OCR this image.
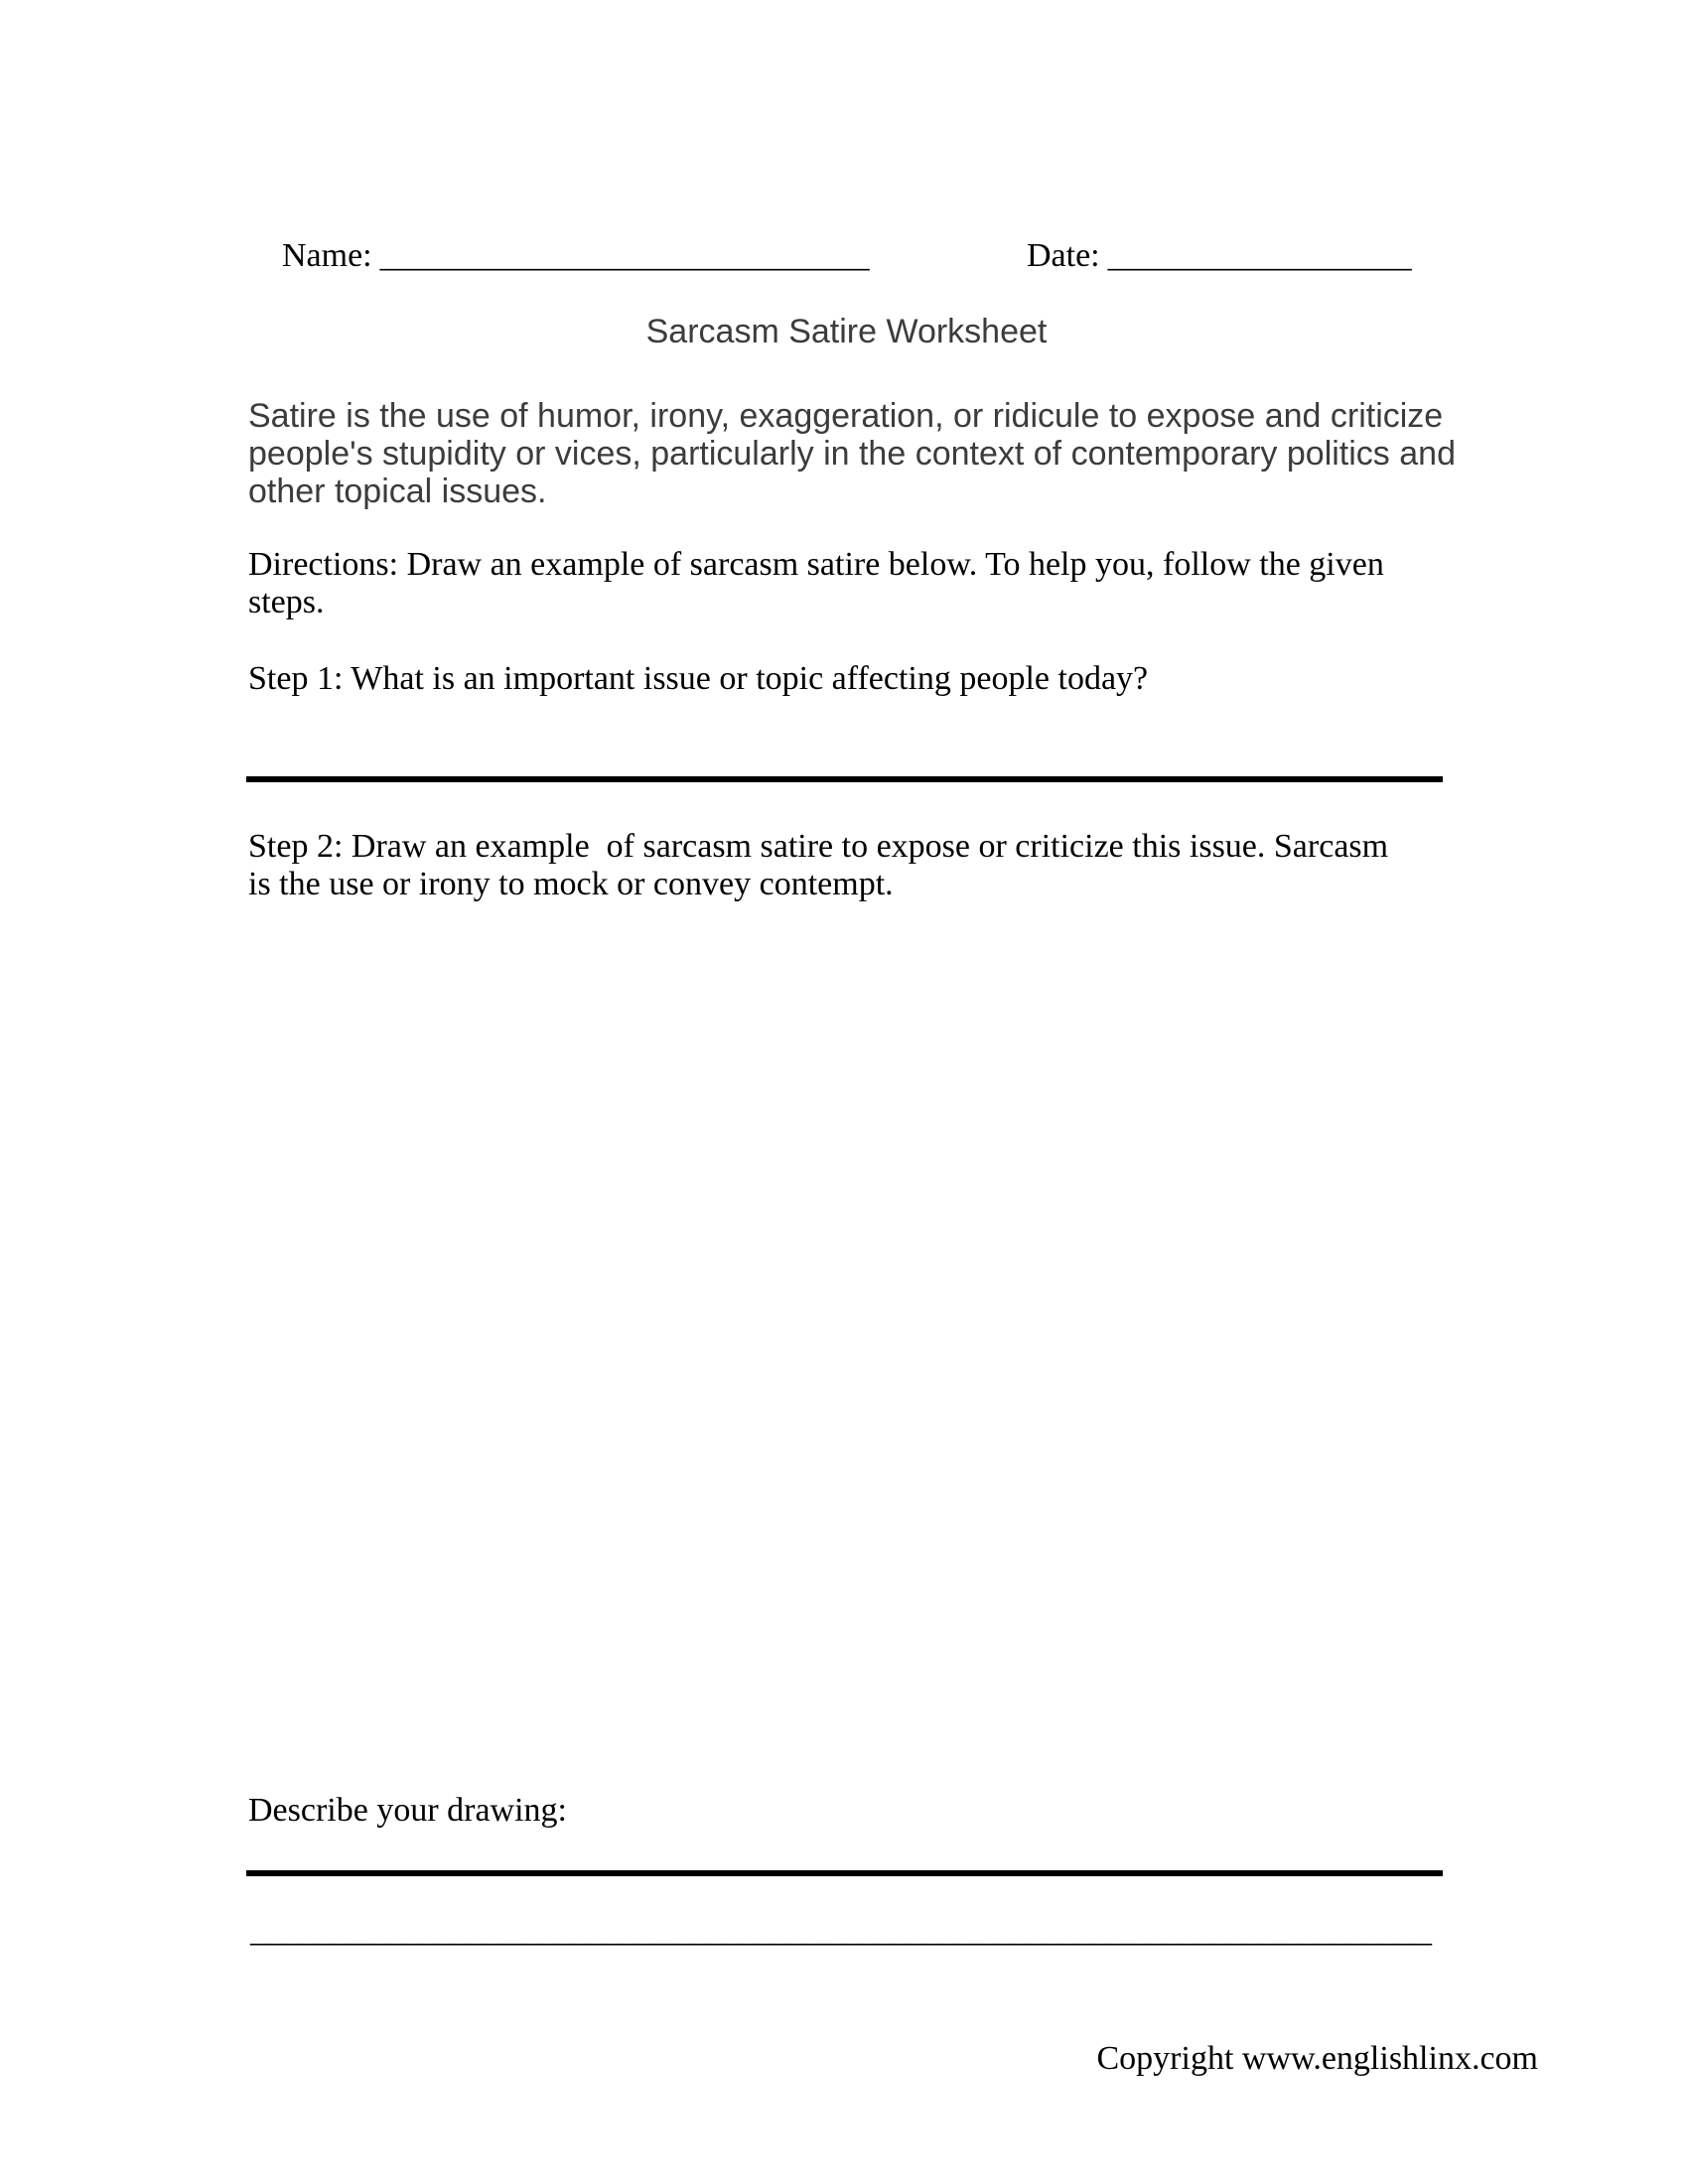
Name: _____________________________
	Date: __________________

Sarcasm Satire Worksheet
Satire is the use of humor, irony, exaggeration, or ridicule to expose and criticize
people's stupidity or vices, particularly in the context of contemporary politics and
other topical issues.
Directions: Draw an example of sarcasm satire below. To help you, follow the given
steps.
Step 1: What is an important issue or topic affecting people today?
Step 2: Draw an example  of sarcasm satire to expose or criticize this issue. Sarcasm
is the use or irony to mock or convey contempt.
Describe your drawing:
______________________________________________________________________
Copyright www.englishlinx.com
